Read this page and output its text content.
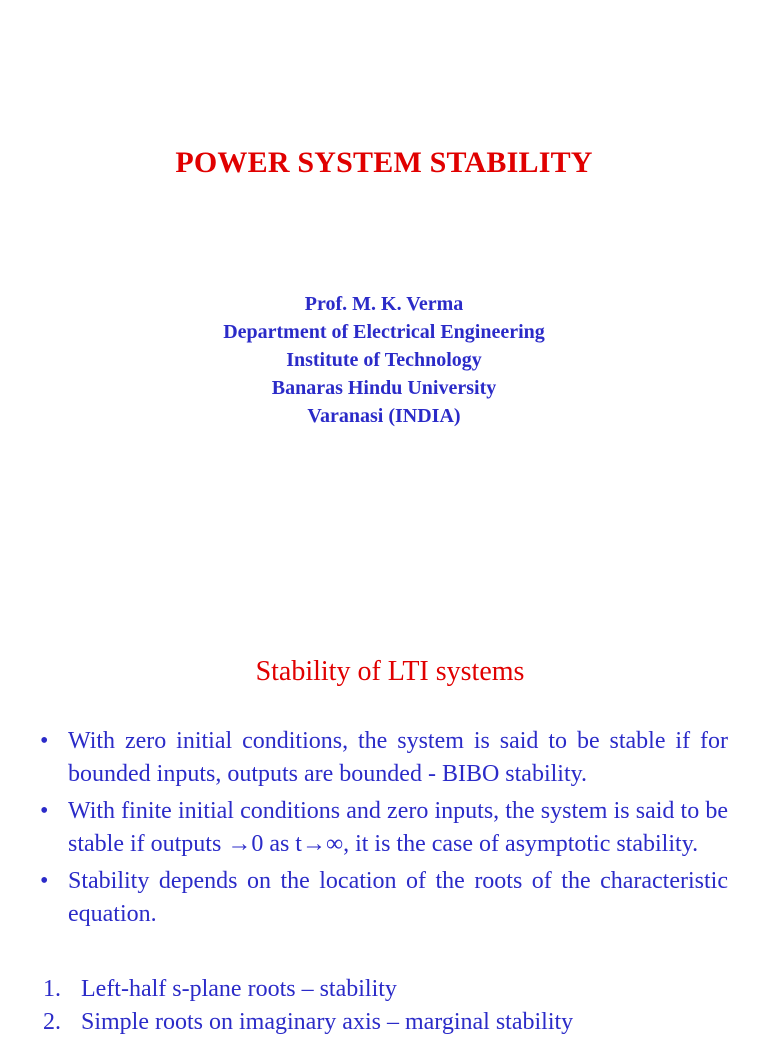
POWER SYSTEM STABILITY
Prof. M. K. Verma
Department of Electrical Engineering
Institute of Technology
Banaras Hindu University
Varanasi (INDIA)
Stability of LTI systems
• With zero initial conditions, the system is said to be stable if for bounded inputs, outputs are bounded - BIBO stability.
• With finite initial conditions and zero inputs, the system is said to be stable if outputs →0 as t→∞, it is the case of asymptotic stability.
• Stability depends on the location of the roots of the characteristic equation.
1. Left-half s-plane roots – stability
2. Simple roots on imaginary axis – marginal stability
